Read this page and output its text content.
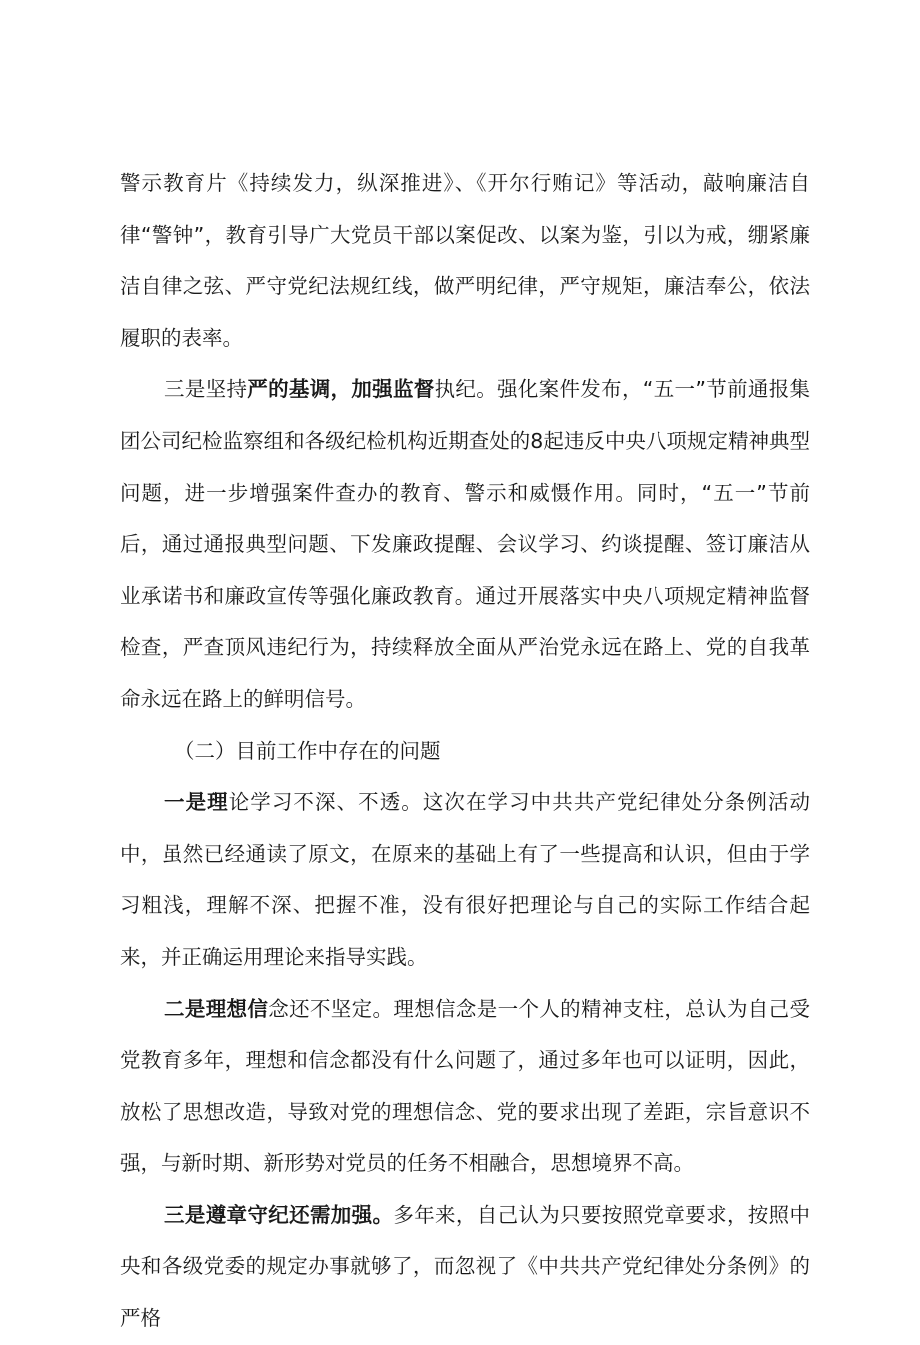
警示教育片《持续发力，纵深推进》、《开尔行贿记》等活动，敲响廉洁自律“警钟”，教育引导广大党员干部以案促改、以案为鉴，引以为戒，绷紧廉洁自律之弦、严守党纪法规红线，做严明纪律，严守规矩，廉洁奉公，依法履职的表率。

三是坚持严的基调，加强监督执纪。强化案件发布，“五一”节前通报集团公司纪检监察组和各级纪检机构近期查处的8起违反中央八项规定精神典型问题，进一步增强案件查办的教育、警示和威慑作用。同时，“五一”节前后，通过通报典型问题、下发廉政提醒、会议学习、约谈提醒、签订廉洁从业承诺书和廉政宣传等强化廉政教育。通过开展落实中央八项规定精神监督检查，严查顶风违纪行为，持续释放全面从严治党永远在路上、党的自我革命永远在路上的鲜明信号。

（二）目前工作中存在的问题

一是理论学习不深、不透。这次在学习中共共产党纪律处分条例活动中，虽然已经通读了原文，在原来的基础上有了一些提高和认识，但由于学习粗浅，理解不深、把握不准，没有很好把理论与自己的实际工作结合起来，并正确运用理论来指导实践。

二是理想信念还不坚定。理想信念是一个人的精神支柱，总认为自己受党教育多年，理想和信念都没有什么问题了，通过多年也可以证明，因此，放松了思想改造，导致对党的理想信念、党的要求出现了差距，宗旨意识不强，与新时期、新形势对党员的任务不相融合，思想境界不高。

三是遵章守纪还需加强。多年来，自己认为只要按照党章要求，按照中央和各级党委的规定办事就够了，而忽视了《中共共产党纪律处分条例》的严格
